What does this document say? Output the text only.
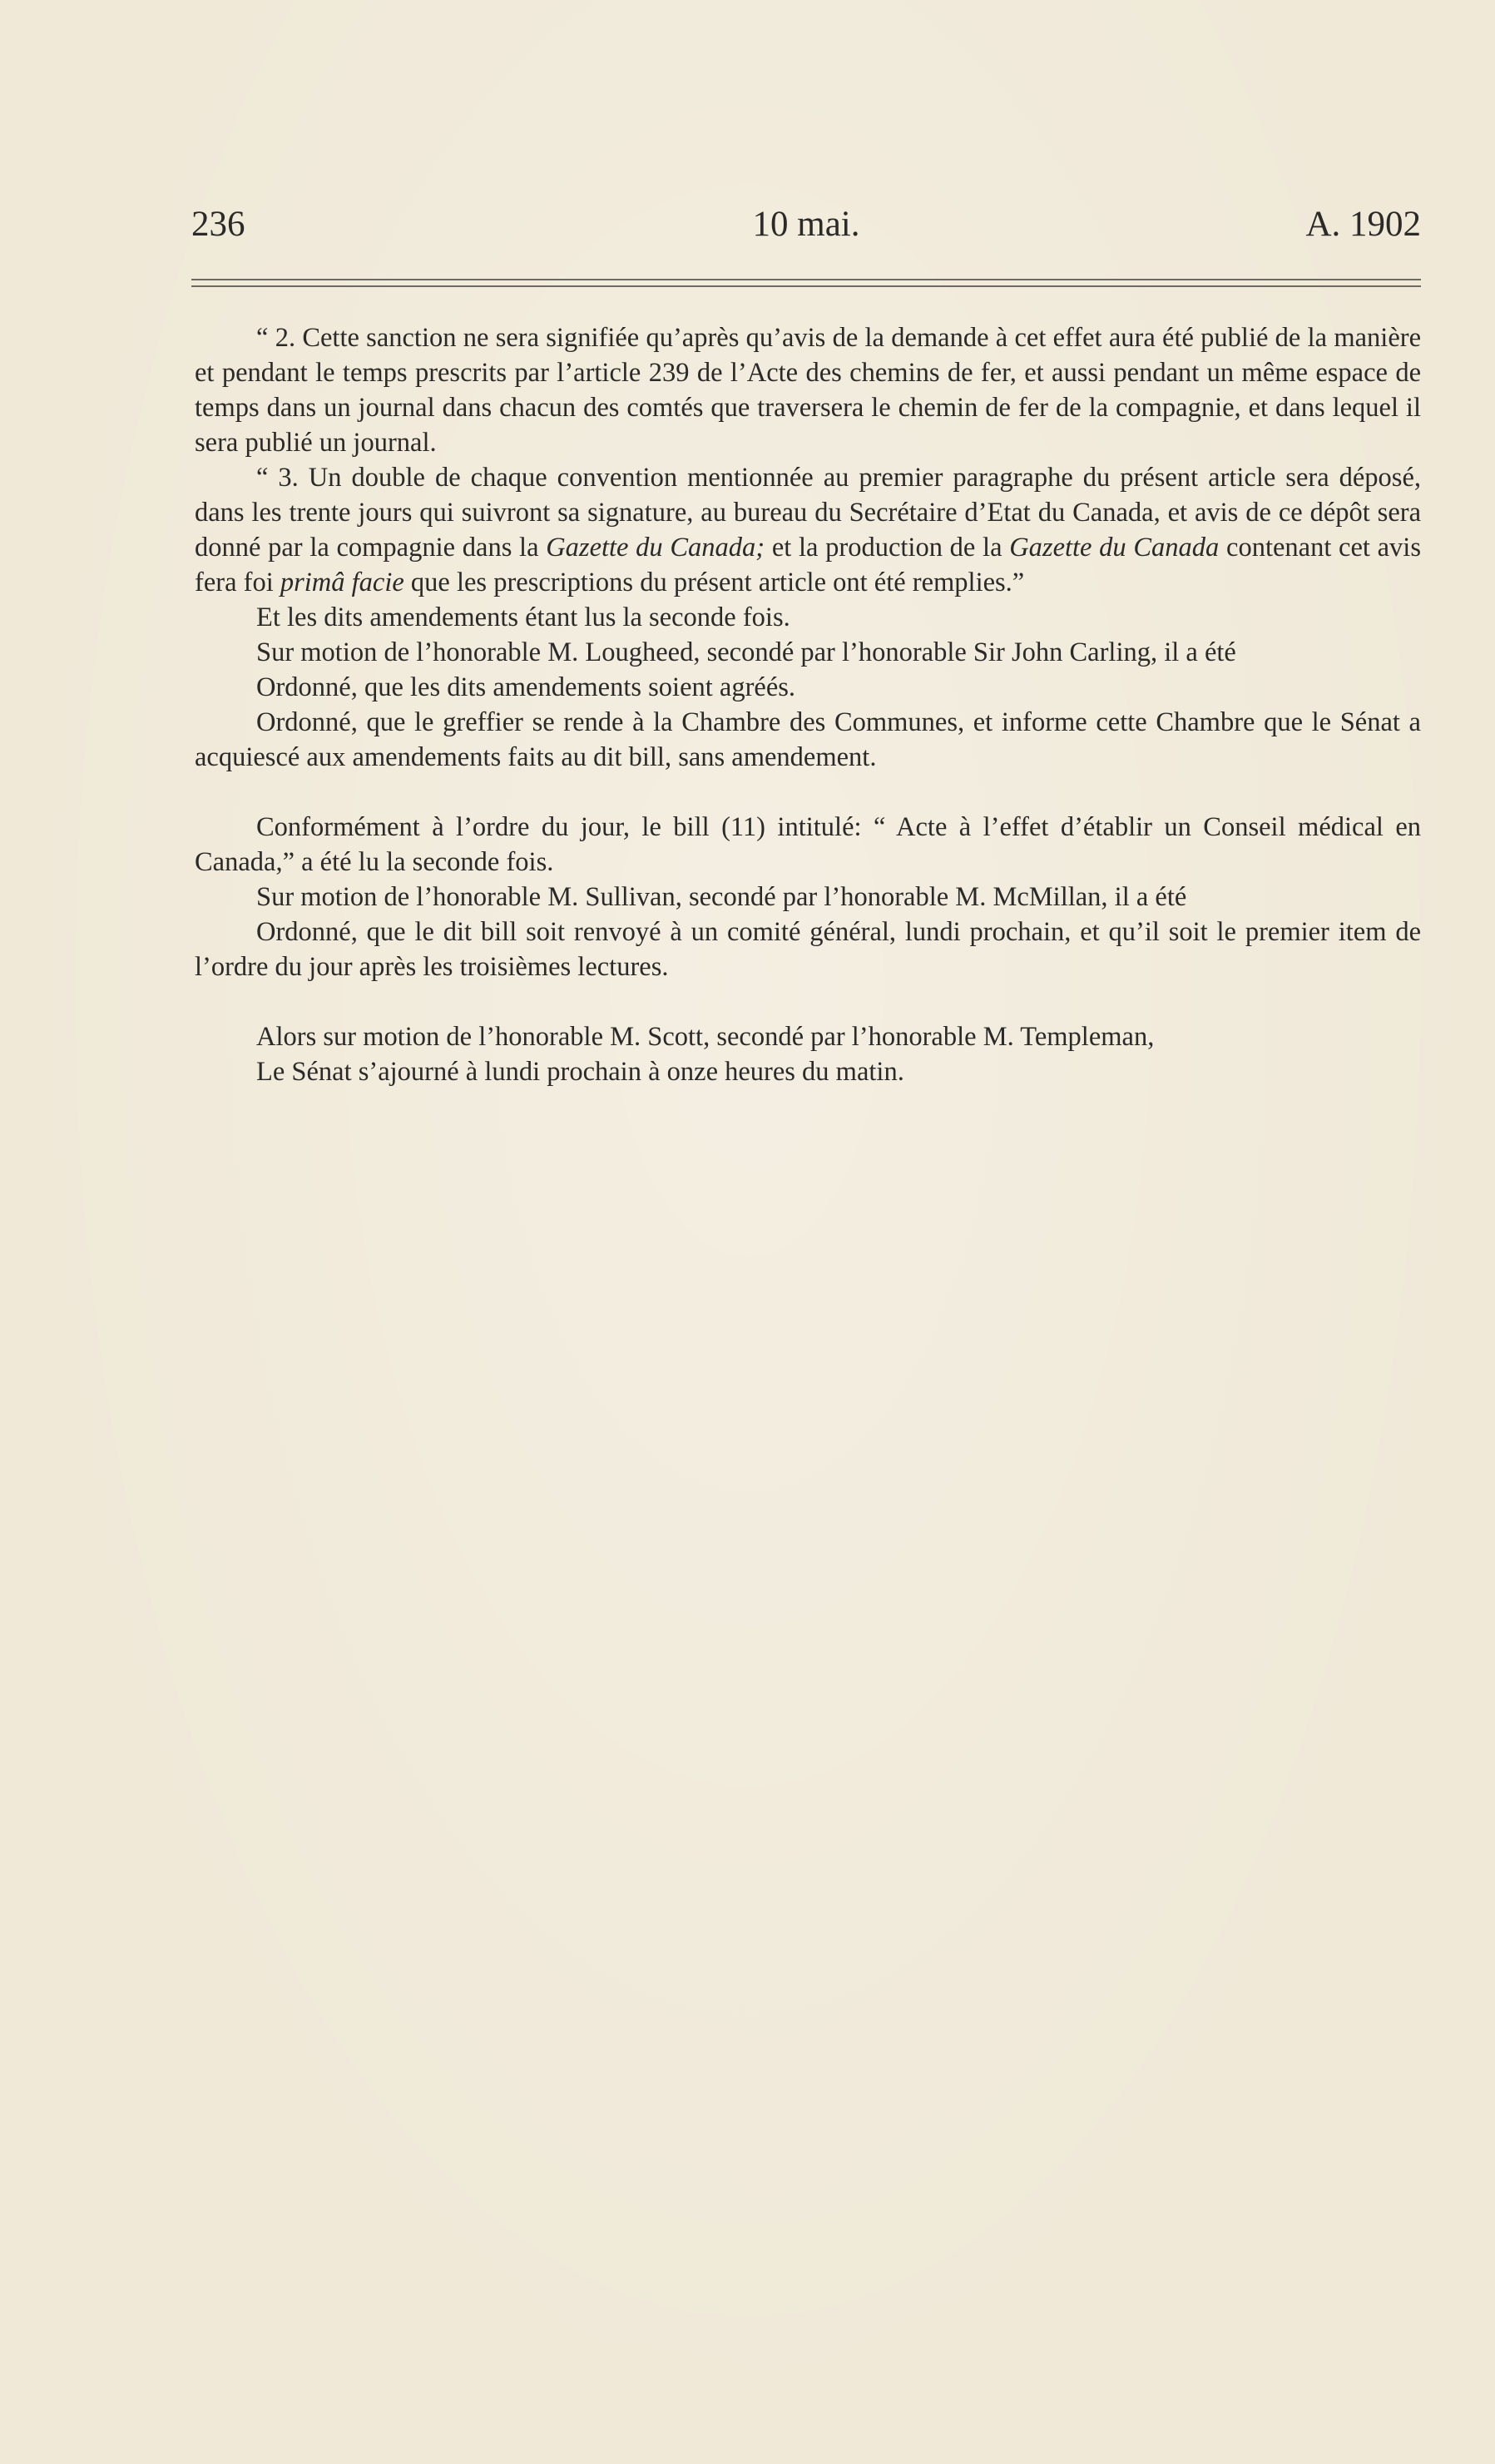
236	10 mai.	A. 1902

“ 2. Cette sanction ne sera signifiée qu’après qu’avis de la demande à cet effet aura été publié de la manière et pendant le temps prescrits par l’article 239 de l’Acte des chemins de fer, et aussi pendant un même espace de temps dans un journal dans chacun des comtés que traversera le chemin de fer de la compagnie, et dans lequel il sera publié un journal.

“ 3. Un double de chaque convention mentionnée au premier paragraphe du présent article sera déposé, dans les trente jours qui suivront sa signature, au bureau du Secrétaire d’Etat du Canada, et avis de ce dépôt sera donné par la compagnie dans la Gazette du Canada; et la production de la Gazette du Canada contenant cet avis fera foi primâ facie que les prescriptions du présent article ont été remplies.”

Et les dits amendements étant lus la seconde fois.

Sur motion de l’honorable M. Lougheed, secondé par l’honorable Sir John Carling, il a été

Ordonné, que les dits amendements soient agréés.

Ordonné, que le greffier se rende à la Chambre des Communes, et informe cette Chambre que le Sénat a acquiescé aux amendements faits au dit bill, sans amendement.

Conformément à l’ordre du jour, le bill (11) intitulé: “ Acte à l’effet d’établir un Conseil médical en Canada,” a été lu la seconde fois.

Sur motion de l’honorable M. Sullivan, secondé par l’honorable M. McMillan, il a été

Ordonné, que le dit bill soit renvoyé à un comité général, lundi prochain, et qu’il soit le premier item de l’ordre du jour après les troisièmes lectures.

Alors sur motion de l’honorable M. Scott, secondé par l’honorable M. Templeman,

Le Sénat s’ajourné à lundi prochain à onze heures du matin.
